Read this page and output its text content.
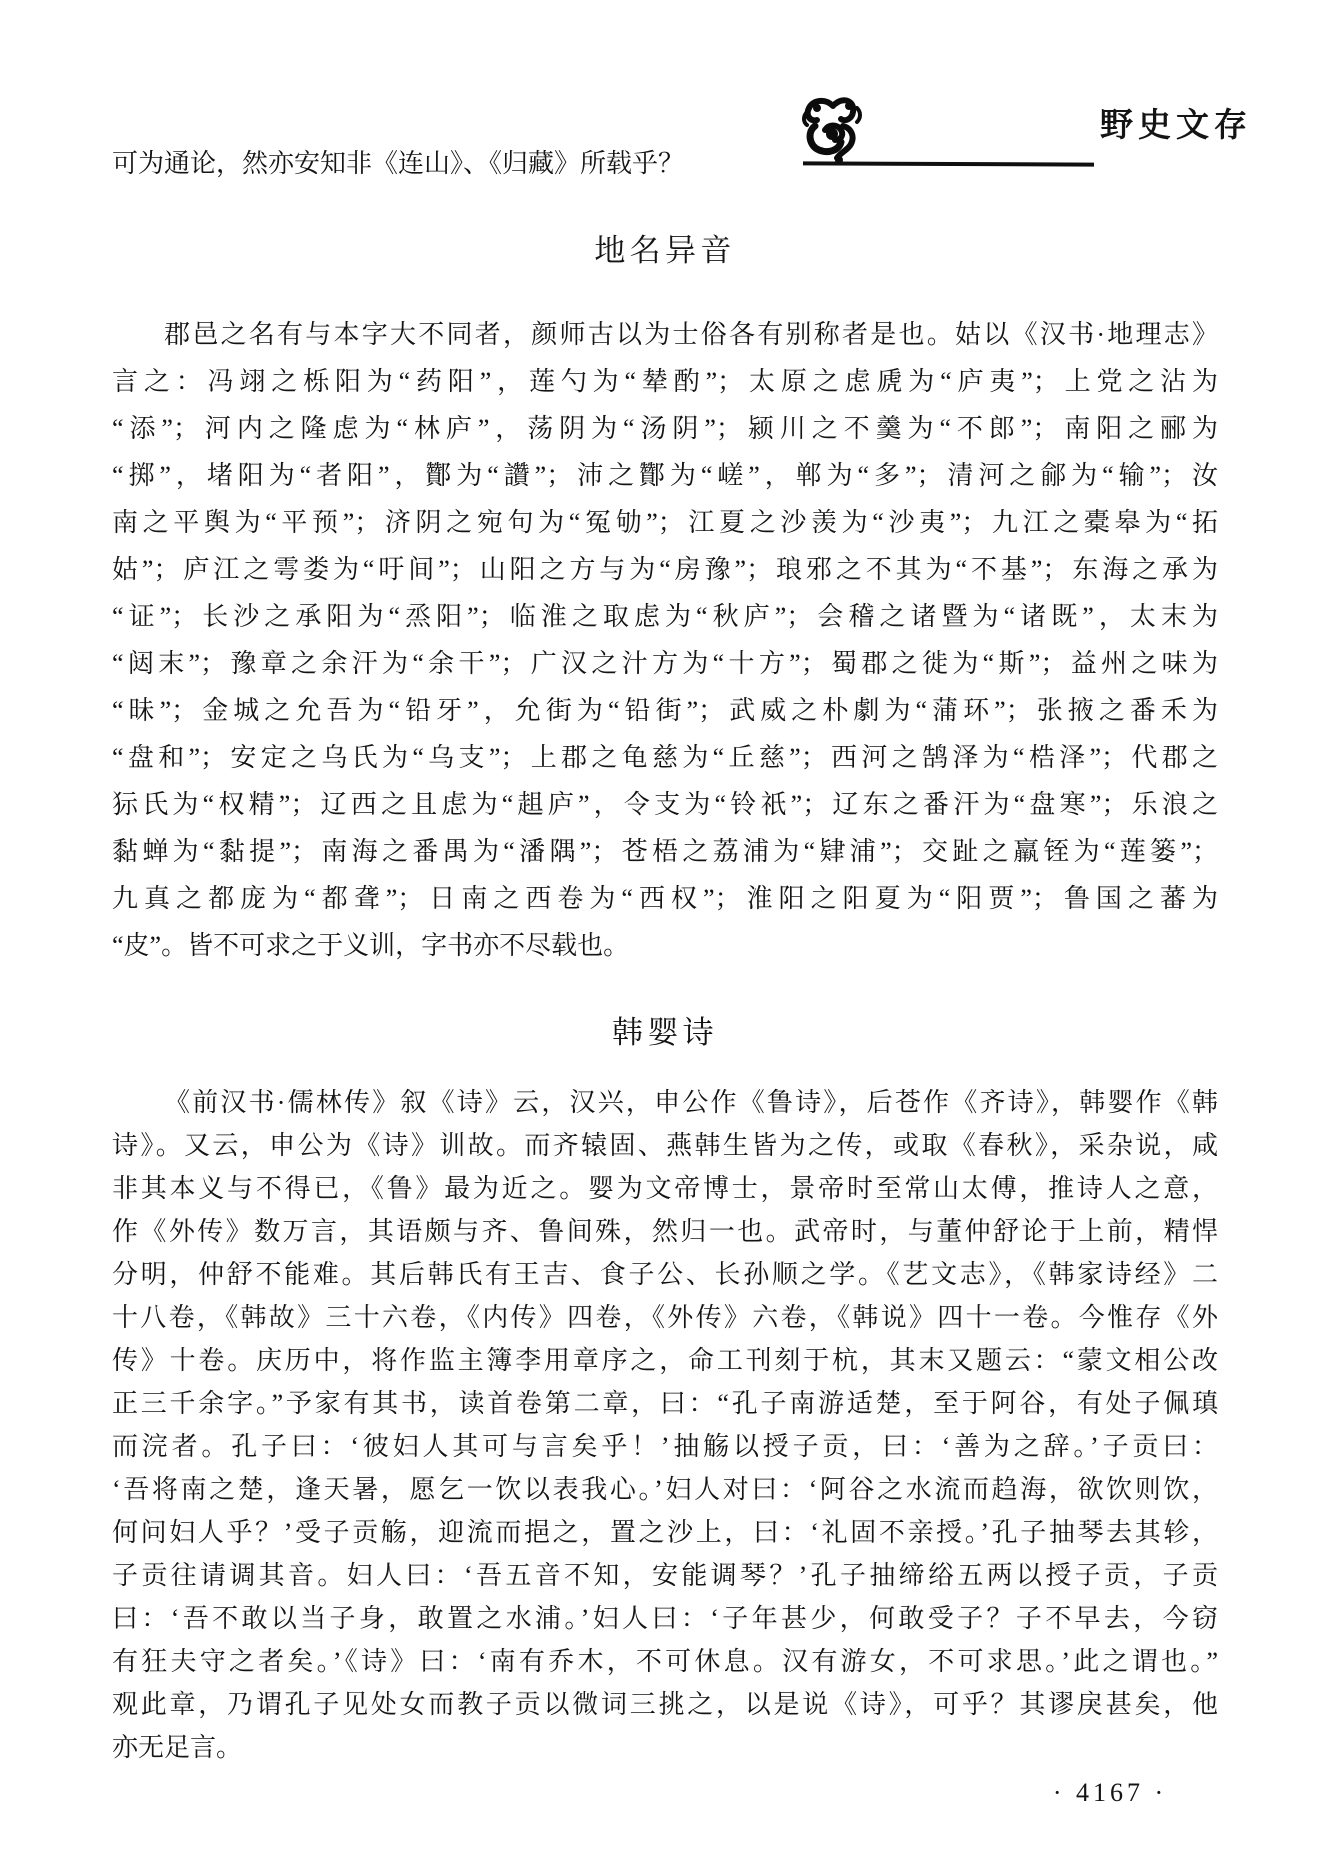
野史文存
可为通论，然亦安知非《连山》、《归藏》所载乎？
地名异音
郡邑之名有与本字大不同者，颜师古以为士俗各有别称者是也。姑以《汉书·地理志》
言之：冯翊之栎阳为“药阳”，莲勺为“辇酌”；太原之虑虒为“庐夷”；上党之沾为
“添”；河内之隆虑为“林庐”，荡阴为“汤阴”；颍川之不羹为“不郎”；南阳之郦为
“掷”，堵阳为“者阳”，酇为“讚”；沛之酇为“嵯”，郸为“多”；清河之鄃为“输”；汝
南之平舆为“平预”；济阴之宛句为“冤劬”；江夏之沙羡为“沙夷”；九江之橐皋为“拓
姑”；庐江之雩娄为“吁间”；山阳之方与为“房豫”；琅邪之不其为“不基”；东海之承为
“证”；长沙之承阳为“烝阳”；临淮之取虑为“秋庐”；会稽之诸暨为“诸既”，太末为
“闼末”；豫章之余汗为“余干”；广汉之汁方为“十方”；蜀郡之徙为“斯”；益州之味为
“昧”；金城之允吾为“铅牙”，允街为“铅街”；武威之朴劇为“蒲环”；张掖之番禾为
“盘和”；安定之乌氏为“乌支”；上郡之龟慈为“丘慈”；西河之鹄泽为“梏泽”；代郡之
狋氏为“权精”；辽西之且虑为“趄庐”，令支为“铃祇”；辽东之番汗为“盘寒”；乐浪之
黏蝉为“黏提”；南海之番禺为“潘隅”；苍梧之荔浦为“肄浦”；交趾之羸铚为“莲篓”；
九真之都庞为“都聋”；日南之西卷为“西权”；淮阳之阳夏为“阳贾”；鲁国之蕃为
“皮”。皆不可求之于义训，字书亦不尽载也。
韩婴诗
《前汉书·儒林传》叙《诗》云，汉兴，申公作《鲁诗》，后苍作《齐诗》，韩婴作《韩
诗》。又云，申公为《诗》训故。而齐辕固、燕韩生皆为之传，或取《春秋》，采杂说，咸
非其本义与不得已，《鲁》最为近之。婴为文帝博士，景帝时至常山太傅，推诗人之意，
作《外传》数万言，其语颇与齐、鲁间殊，然归一也。武帝时，与董仲舒论于上前，精悍
分明，仲舒不能难。其后韩氏有王吉、食子公、长孙顺之学。《艺文志》，《韩家诗经》二
十八卷，《韩故》三十六卷，《内传》四卷，《外传》六卷，《韩说》四十一卷。今惟存《外
传》十卷。庆历中，将作监主簿李用章序之，命工刊刻于杭，其末又题云：“蒙文相公改
正三千余字。”予家有其书，读首卷第二章，曰：“孔子南游适楚，至于阿谷，有处子佩瑱
而浣者。孔子曰：‘彼妇人其可与言矣乎！’抽觞以授子贡，曰：‘善为之辞。’子贡曰：
‘吾将南之楚，逢天暑，愿乞一饮以表我心。’妇人对曰：‘阿谷之水流而趋海，欲饮则饮，
何问妇人乎？’受子贡觞，迎流而挹之，置之沙上，曰：‘礼固不亲授。’孔子抽琴去其轸，
子贡往请调其音。妇人曰：‘吾五音不知，安能调琴？’孔子抽缔绤五两以授子贡，子贡
曰：‘吾不敢以当子身，敢置之水浦。’妇人曰：‘子年甚少，何敢受子？子不早去，今窃
有狂夫守之者矣。’《诗》曰：‘南有乔木，不可休息。汉有游女，不可求思。’此之谓也。”
观此章，乃谓孔子见处女而教子贡以微词三挑之，以是说《诗》，可乎？其谬戾甚矣，他
亦无足言。
· 4167 ·
